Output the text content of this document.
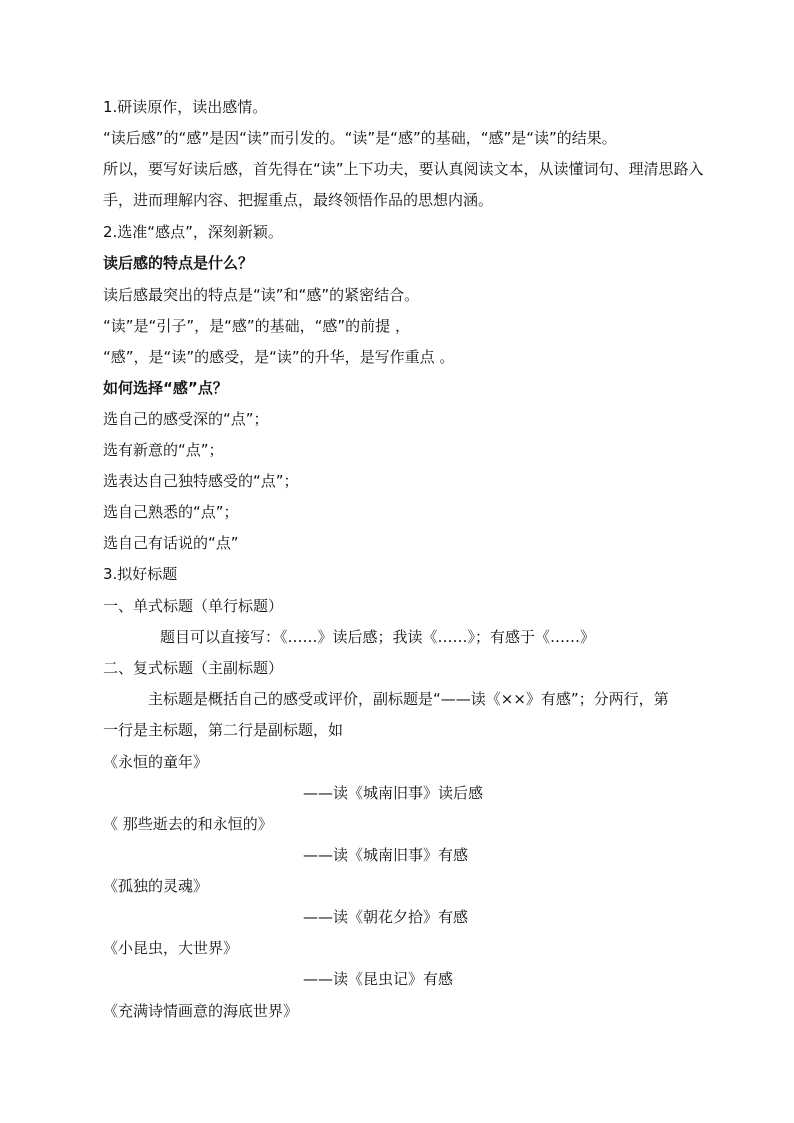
1.研读原作，读出感情。
“读后感”的“感”是因“读”而引发的。“读”是“感”的基础，“感”是“读”的结果。
所以，要写好读后感，首先得在“读”上下功夫，要认真阅读文本，从读懂词句、理清思路入
手，进而理解内容、把握重点，最终领悟作品的思想内涵。
2.选准“感点”，深刻新颖。
读后感的特点是什么？
读后感最突出的特点是“读”和“感”的紧密结合。
“读”是“引子”，是“感”的基础，“感”的前提 ，
“感”，是“读”的感受，是“读”的升华，是写作重点 。
如何选择“感”点？
选自己的感受深的“点”；
选有新意的“点”；
选表达自己独特感受的“点”；
选自己熟悉的“点”；
选自己有话说的“点”
3.拟好标题
一、单式标题（单行标题）
题目可以直接写：《……》读后感；我读《……》；有感于《……》
二、复式标题（主副标题）
主标题是概括自己的感受或评价，副标题是“——读《××》有感”；分两行，第
一行是主标题，第二行是副标题，如
《永恒的童年》
——读《城南旧事》读后感
《 那些逝去的和永恒的》
——读《城南旧事》有感
《孤独的灵魂》
——读《朝花夕拾》有感
《小昆虫，大世界》
——读《昆虫记》有感
《充满诗情画意的海底世界》
